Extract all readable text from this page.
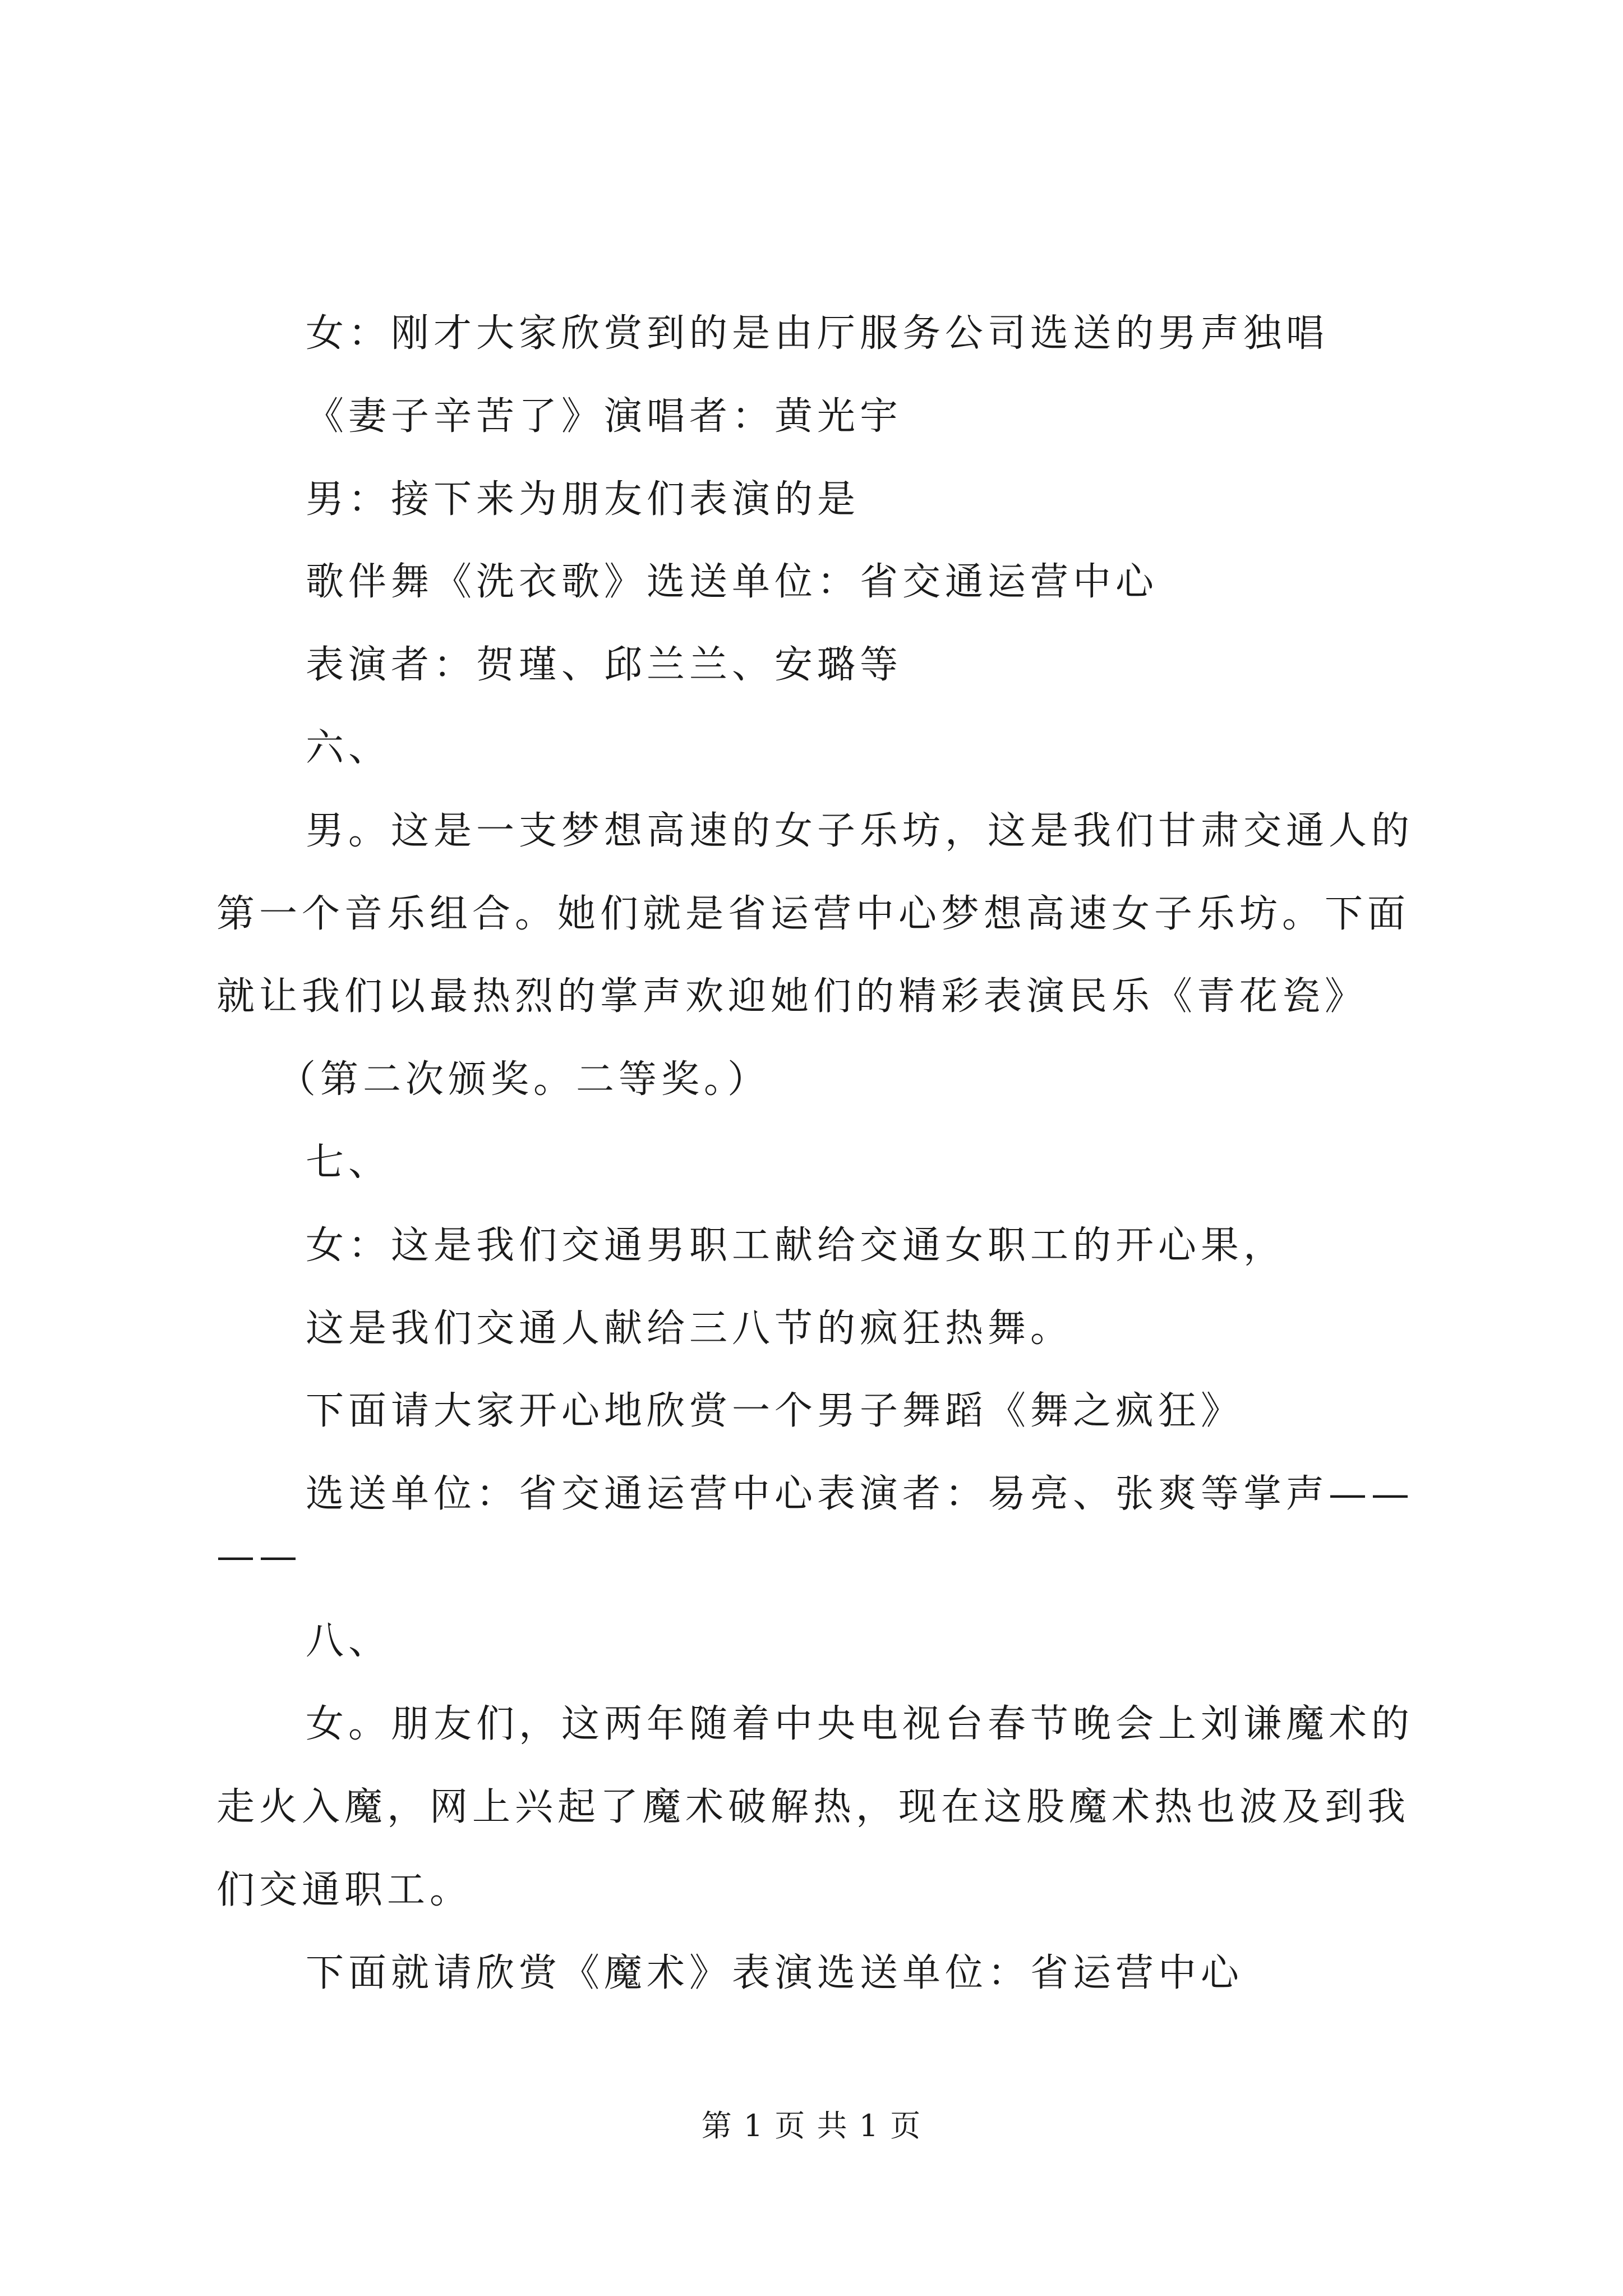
女：刚才大家欣赏到的是由厅服务公司选送的男声独唱
《妻子辛苦了》演唱者：黄光宇
男：接下来为朋友们表演的是
歌伴舞《洗衣歌》选送单位：省交通运营中心
表演者：贺瑾、邱兰兰、安璐等
六、
男。这是一支梦想高速的女子乐坊，这是我们甘肃交通人的
第一个音乐组合。她们就是省运营中心梦想高速女子乐坊。下面
就让我们以最热烈的掌声欢迎她们的精彩表演民乐《青花瓷》
（第二次颁奖。二等奖。）
七、
女：这是我们交通男职工献给交通女职工的开心果，
这是我们交通人献给三八节的疯狂热舞。
下面请大家开心地欣赏一个男子舞蹈《舞之疯狂》
选送单位：省交通运营中心表演者：易亮、张爽等掌声——
——
八、
女。朋友们，这两年随着中央电视台春节晚会上刘谦魔术的
走火入魔，网上兴起了魔术破解热，现在这股魔术热也波及到我
们交通职工。
下面就请欣赏《魔术》表演选送单位：省运营中心
第 1 页 共 1 页
